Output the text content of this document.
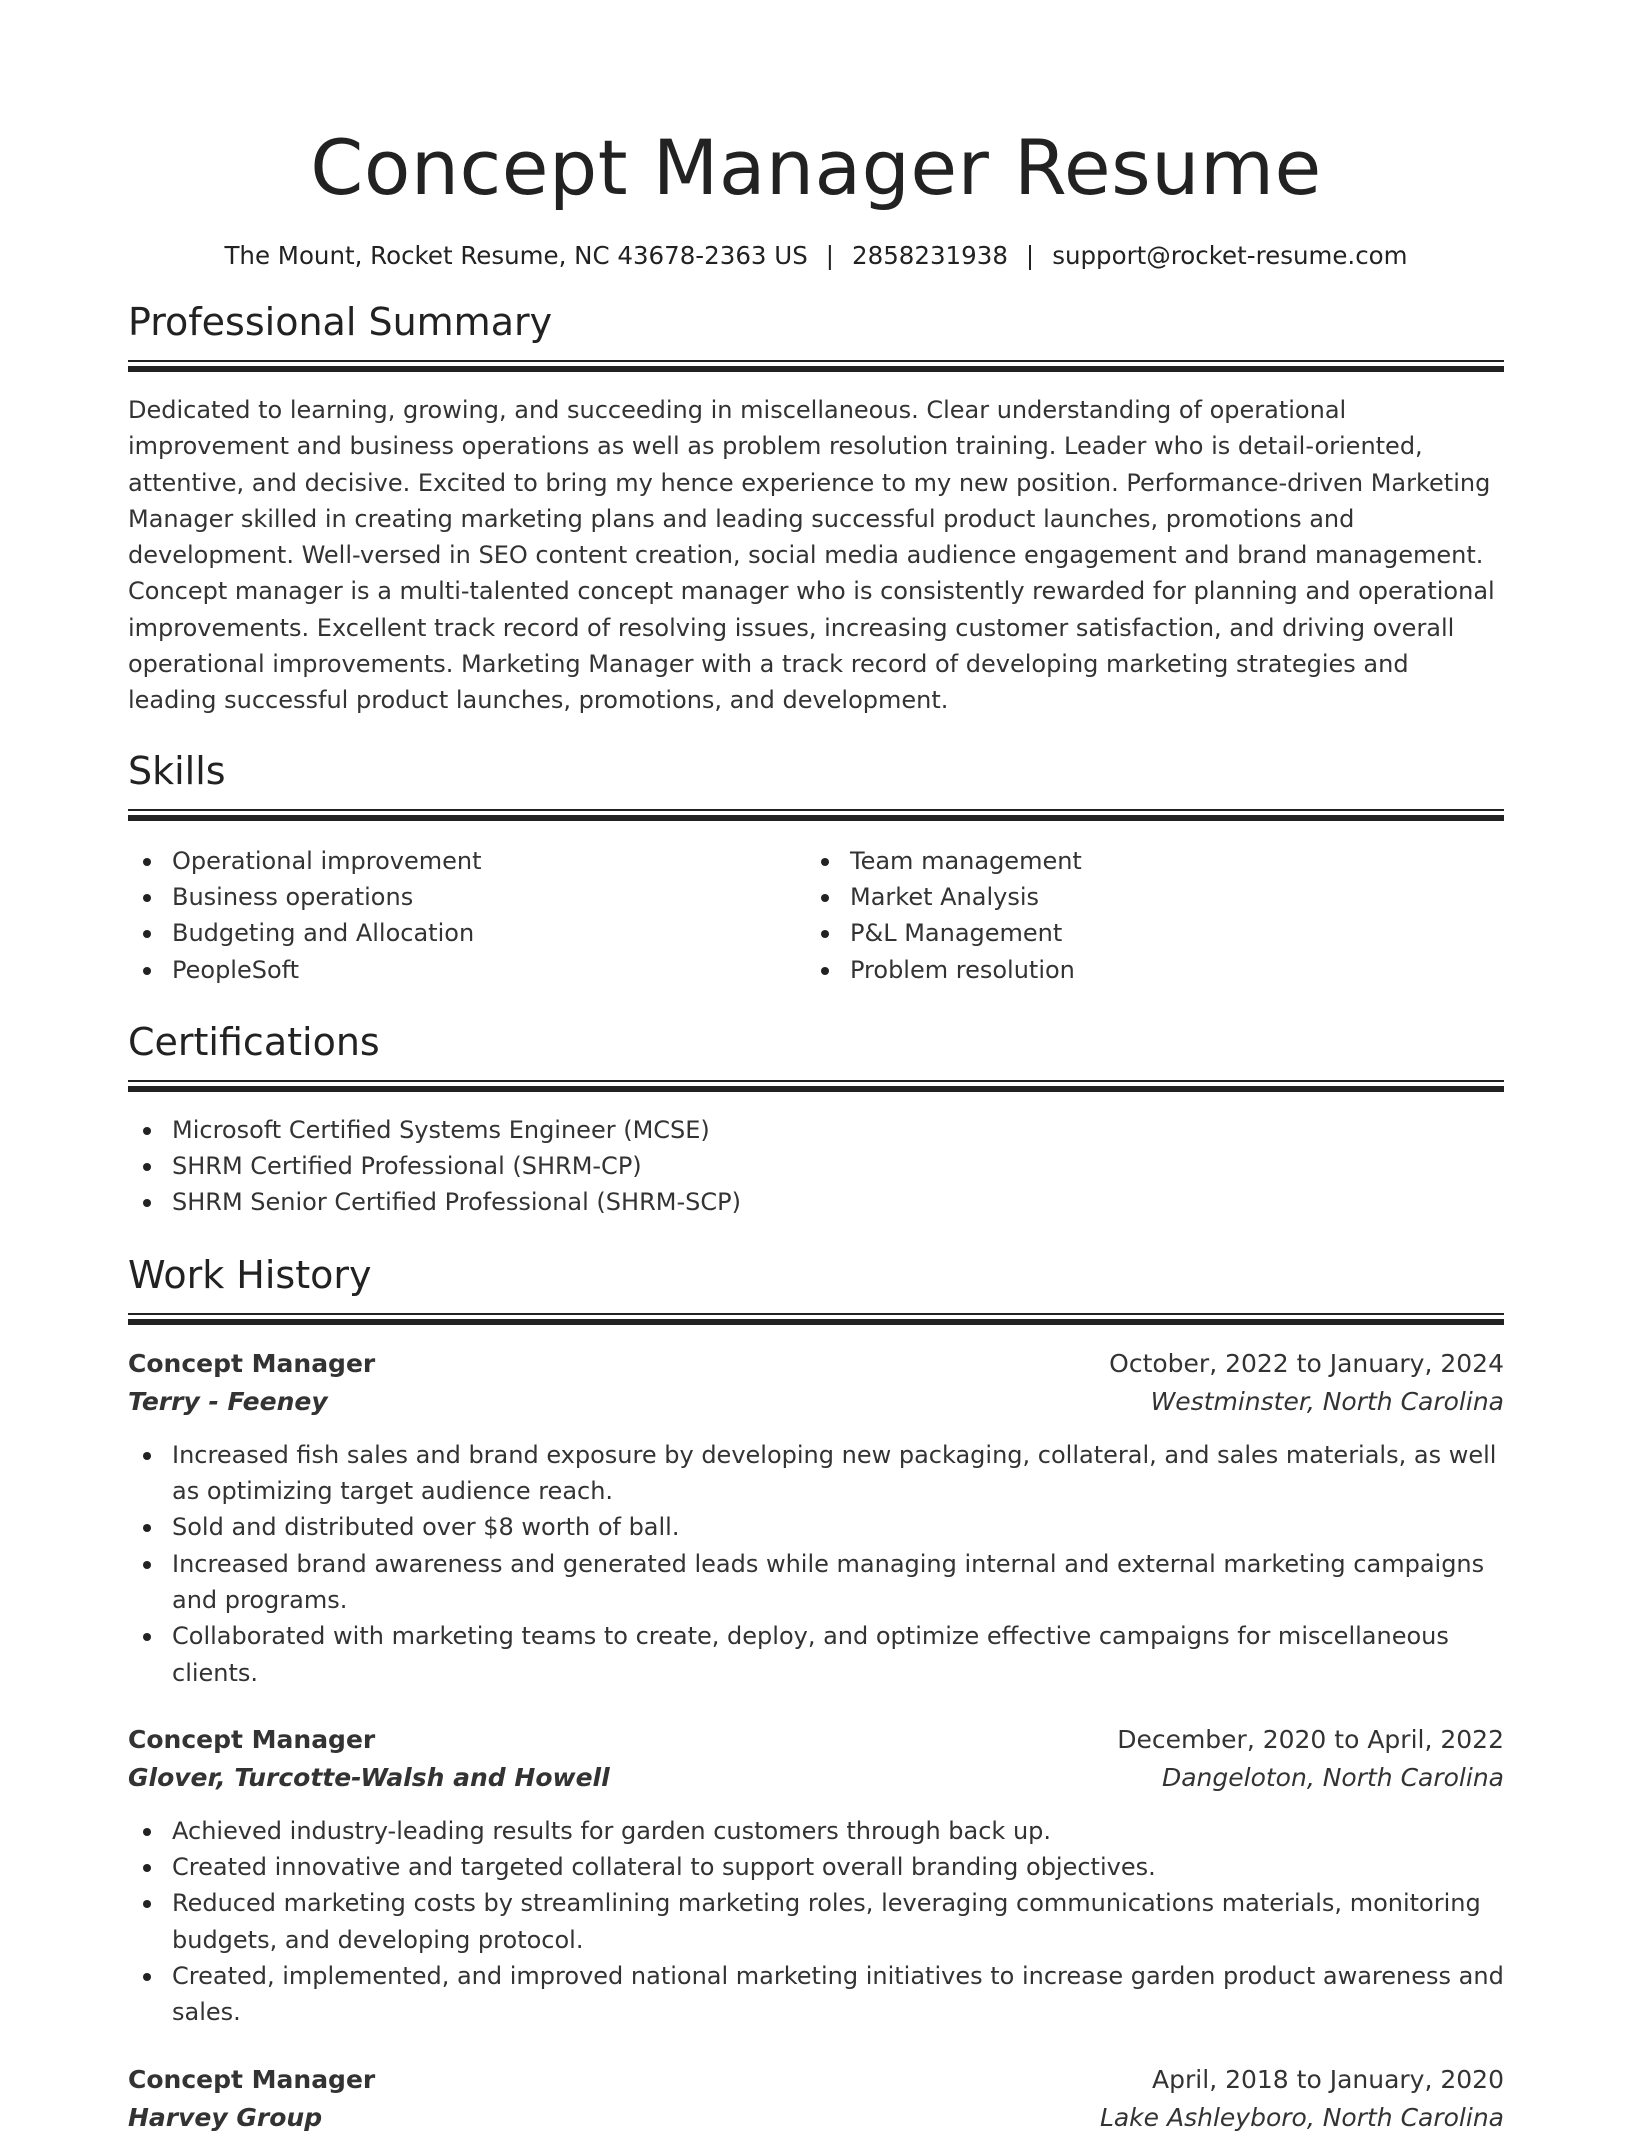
Concept Manager Resume
The Mount, Rocket Resume, NC 43678-2363 US | 2858231938 | support@rocket-resume.com
Professional Summary

Dedicated to learning, growing, and succeeding in miscellaneous. Clear understanding of operational improvement and business operations as well as problem resolution training. Leader who is detail-oriented, attentive, and decisive. Excited to bring my hence experience to my new position. Performance-driven Marketing Manager skilled in creating marketing plans and leading successful product launches, promotions and development. Well-versed in SEO content creation, social media audience engagement and brand management. Concept manager is a multi-talented concept manager who is consistently rewarded for planning and operational improvements. Excellent track record of resolving issues, increasing customer satisfaction, and driving overall operational improvements. Marketing Manager with a track record of developing marketing strategies and leading successful product launches, promotions, and development.

Skills
Operational improvement
Business operations
Budgeting and Allocation
PeopleSoft
Team management
Market Analysis
P&L Management
Problem resolution
Certifications
Microsoft Certified Systems Engineer (MCSE)
SHRM Certified Professional (SHRM-CP)
SHRM Senior Certified Professional (SHRM-SCP)
Work History
Concept Manager	October, 2022 to January, 2024
Terry - Feeney	Westminster, North Carolina
Increased fish sales and brand exposure by developing new packaging, collateral, and sales materials, as well as optimizing target audience reach.
Sold and distributed over $8 worth of ball.
Increased brand awareness and generated leads while managing internal and external marketing campaigns and programs.
Collaborated with marketing teams to create, deploy, and optimize effective campaigns for miscellaneous clients.
Concept Manager	December, 2020 to April, 2022
Glover, Turcotte-Walsh and Howell	Dangeloton, North Carolina
Achieved industry-leading results for garden customers through back up.
Created innovative and targeted collateral to support overall branding objectives.
Reduced marketing costs by streamlining marketing roles, leveraging communications materials, monitoring budgets, and developing protocol.
Created, implemented, and improved national marketing initiatives to increase garden product awareness and sales.
Concept Manager	April, 2018 to January, 2020
Harvey Group	Lake Ashleyboro, North Carolina
